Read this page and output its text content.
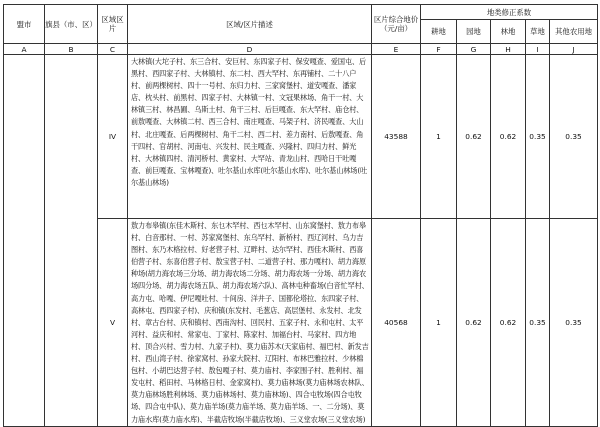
盟市	旗县（市、区）	区域区片	区域/区片描述	区片综合地价（元/亩）	地类修正系数				
					耕地	园地	林地	草地	其他农用地
A	B	C	D	E	F	G	H	I	J
		IV	大林镇(大坨子村、东三合村、安巨村、东四家子村、保安嘎查、爱国屯、后黑村、西四家子村、大林镇村、东二村、西大罕村、东再铺村、二十八户村、前两棵树村、四十一号村、东归力村、三家窝堡村、道安嘎查、潘家店、枕头村、前黑村、四家子村、大林镇一村、文冠果林场、角干一村、大林镇三村、林昌圃、乌斯土村、角干三村、后巨嘎查、东大罕村、庙仓村、前敖嘎查、大林镇二村、西三合村、南庄嘎查、马架子村、济民嘎查、大山村、北庄嘎查、后两棵树村、角干二村、西二村、差力南村、后敖嘎查、角干四村、官胡村、河南屯、兴发村、民主嘎查、兴隆村、四归力村、鲜光村、大林镇四村、清河桥村、黄家村、大罕站、青龙山村、西哈日干吐嘎查、前巨嘎查、宝林嘎查)、吐尔基山水库(吐尔基山水库)、吐尔基山林场(吐尔基山林场)	43588	1	0.62	0.62	0.35	0.35
		V	敖力布皋镇(东佳木斯村、东乜木罕村、西乜木罕村、山东窝堡村、敖力布皋村、白音那村、一村、苏家窝堡村、东乌罕村、新桥村、西辽河村、乌力吉图村、东乃木格拉村、好老营子村、辽畔村、达尔罕村、西佳木斯村、西喜伯营子村、东喜伯营子村、敖宝营子村、二道营子村、那力嘎村)、胡力海原种场(胡力海农场三分场、胡力海农场二分场、胡力海农场一分场、胡力海农场四分场、胡力海农场五队、胡力海农场六队)、高林屯种畜场(白音忙罕村、高力屯、哈嘎、伊尼嘎吐村、十间房、洋井子、国都伦塔拉、东四家子村、高林屯、西四家子村)、庆和镇(东发村、毛葱店、高层堡村、永发村、北发村、章古台村、庆和镇村、西南沟村、回民村、五家子村、永和屯村、太平河村、益庆和村、常家屯、丁家村、陈家村、加福台村、马家村、四方地村、顶合兴村、雪力村、九家子村)、莫力庙苏木(天家庙村、福巴村、新发吉村、西山湾子村、徐家窝村、孙家大院村、辽阳村、布林巴雅拉村、少林棉包村、小胡巴达营子村、敖包嘎子村、莫力庙村、李家围子村、胜利村、福发屯村、稻田村、马林格日村、金家窝村)、莫力庙林场(莫力庙林场农林队、莫力庙林场胜利林场、莫力庙林场村、莫力庙林场)、四合屯牧场(四合屯牧场、四合屯中队)、莫力庙羊场(莫力庙羊场、莫力庙羊场、一、二分场)、莫力庙水库(莫力庙水库)、半截店牧场(半截店牧场)、三义堂农场(三义堂农场)	40568	1	0.62	0.62	0.35	0.35
